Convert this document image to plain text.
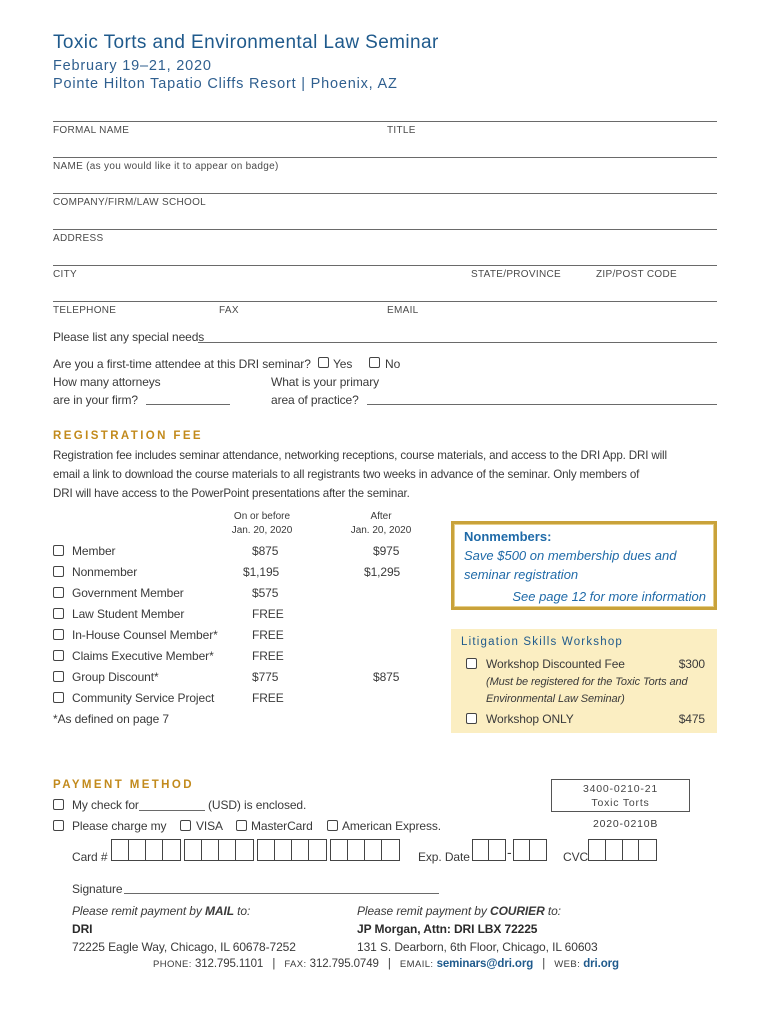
Toxic Torts and Environmental Law Seminar
February 19–21, 2020
Pointe Hilton Tapatio Cliffs Resort | Phoenix, AZ
FORMAL NAME	TITLE
NAME (as you would like it to appear on badge)
COMPANY/FIRM/LAW SCHOOL
ADDRESS
CITY	STATE/PROVINCE	ZIP/POST CODE
TELEPHONE	FAX	EMAIL
Please list any special needs
Are you a first-time attendee at this DRI seminar? Yes	No
How many attorneys
are in your firm?
What is your primary
area of practice?
REGISTRATION FEE
Registration fee includes seminar attendance, networking receptions, course materials, and access to the DRI App. DRI will
email a link to download the course materials to all registrants two weeks in advance of the seminar. Only members of
DRI will have access to the PowerPoint presentations after the seminar.
On or before
Jan. 20, 2020
After
Jan. 20, 2020
Member	$875	$975
Nonmember	$1,195	$1,295
Government Member	$575
Law Student Member	FREE
In-House Counsel Member*	FREE
Claims Executive Member*	FREE
Group Discount*	$775	$875
Community Service Project	FREE
*As defined on page 7
Nonmembers:
Save $500 on membership dues and
seminar registration
See page 12 for more information
Litigation Skills Workshop
Workshop Discounted Fee	$300
(Must be registered for the Toxic Torts and
Environmental Law Seminar)
Workshop ONLY	$475
PAYMENT METHOD	3400-0210-21
Toxic Torts
2020-0210B
My check for	(USD) is enclosed.
Please charge my VISA MasterCard American Express.
Card #	Exp. Date	-	CVC
Signature
Please remit payment by MAIL to:
DRI
72225 Eagle Way, Chicago, IL 60678-7252
Please remit payment by COURIER to:
JP Morgan, Attn: DRI LBX 72225
131 S. Dearborn, 6th Floor, Chicago, IL 60603
PHONE: 312.795.1101 | FAX: 312.795.0749 | EMAIL: seminars@dri.org | WEB: dri.org
